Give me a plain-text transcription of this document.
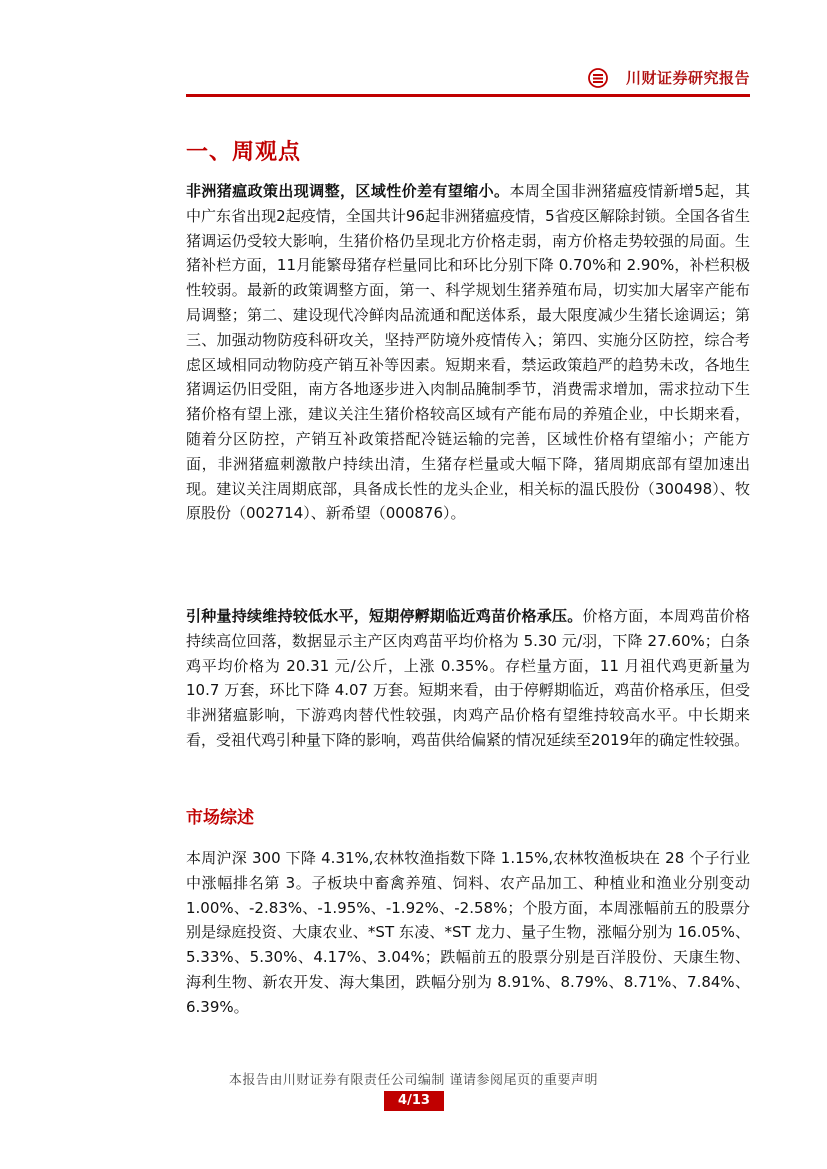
川财证券研究报告
一、周观点

非洲猪瘟政策出现调整，区域性价差有望缩小。本周全国非洲猪瘟疫情新增5起，其中广东省出现2起疫情，全国共计96起非洲猪瘟疫情，5省疫区解除封锁。全国各省生猪调运仍受较大影响，生猪价格仍呈现北方价格走弱，南方价格走势较强的局面。生猪补栏方面，11月能繁母猪存栏量同比和环比分别下降 0.70%和 2.90%，补栏积极性较弱。最新的政策调整方面，第一、科学规划生猪养殖布局，切实加大屠宰产能布局调整；第二、建设现代冷鲜肉品流通和配送体系，最大限度减少生猪长途调运；第三、加强动物防疫科研攻关，坚持严防境外疫情传入；第四、实施分区防控，综合考虑区域相同动物防疫产销互补等因素。短期来看，禁运政策趋严的趋势未改，各地生猪调运仍旧受阻，南方各地逐步进入肉制品腌制季节，消费需求增加，需求拉动下生猪价格有望上涨，建议关注生猪价格较高区域有产能布局的养殖企业，中长期来看，随着分区防控，产销互补政策搭配冷链运输的完善，区域性价格有望缩小；产能方面，非洲猪瘟刺激散户持续出清，生猪存栏量或大幅下降，猪周期底部有望加速出现。建议关注周期底部，具备成长性的龙头企业，相关标的温氏股份（300498）、牧原股份（002714）、新希望（000876）。

引种量持续维持较低水平，短期停孵期临近鸡苗价格承压。价格方面，本周鸡苗价格持续高位回落，数据显示主产区肉鸡苗平均价格为 5.30 元/羽，下降 27.60%；白条鸡平均价格为 20.31 元/公斤，上涨 0.35%。存栏量方面，11 月祖代鸡更新量为 10.7 万套，环比下降 4.07 万套。短期来看，由于停孵期临近，鸡苗价格承压，但受非洲猪瘟影响，下游鸡肉替代性较强，肉鸡产品价格有望维持较高水平。中长期来看，受祖代鸡引种量下降的影响，鸡苗供给偏紧的情况延续至2019年的确定性较强。

市场综述

本周沪深 300 下降 4.31%,农林牧渔指数下降 1.15%,农林牧渔板块在 28 个子行业中涨幅排名第 3。子板块中畜禽养殖、饲料、农产品加工、种植业和渔业分别变动 1.00%、-2.83%、-1.95%、-1.92%、-2.58%；个股方面，本周涨幅前五的股票分别是绿庭投资、大康农业、*ST 东凌、*ST 龙力、量子生物，涨幅分别为 16.05%、5.33%、5.30%、4.17%、3.04%；跌幅前五的股票分别是百洋股份、天康生物、海利生物、新农开发、海大集团，跌幅分别为 8.91%、8.79%、8.71%、7.84%、6.39%。

本报告由川财证券有限责任公司编制 谨请参阅尾页的重要声明
4/13
